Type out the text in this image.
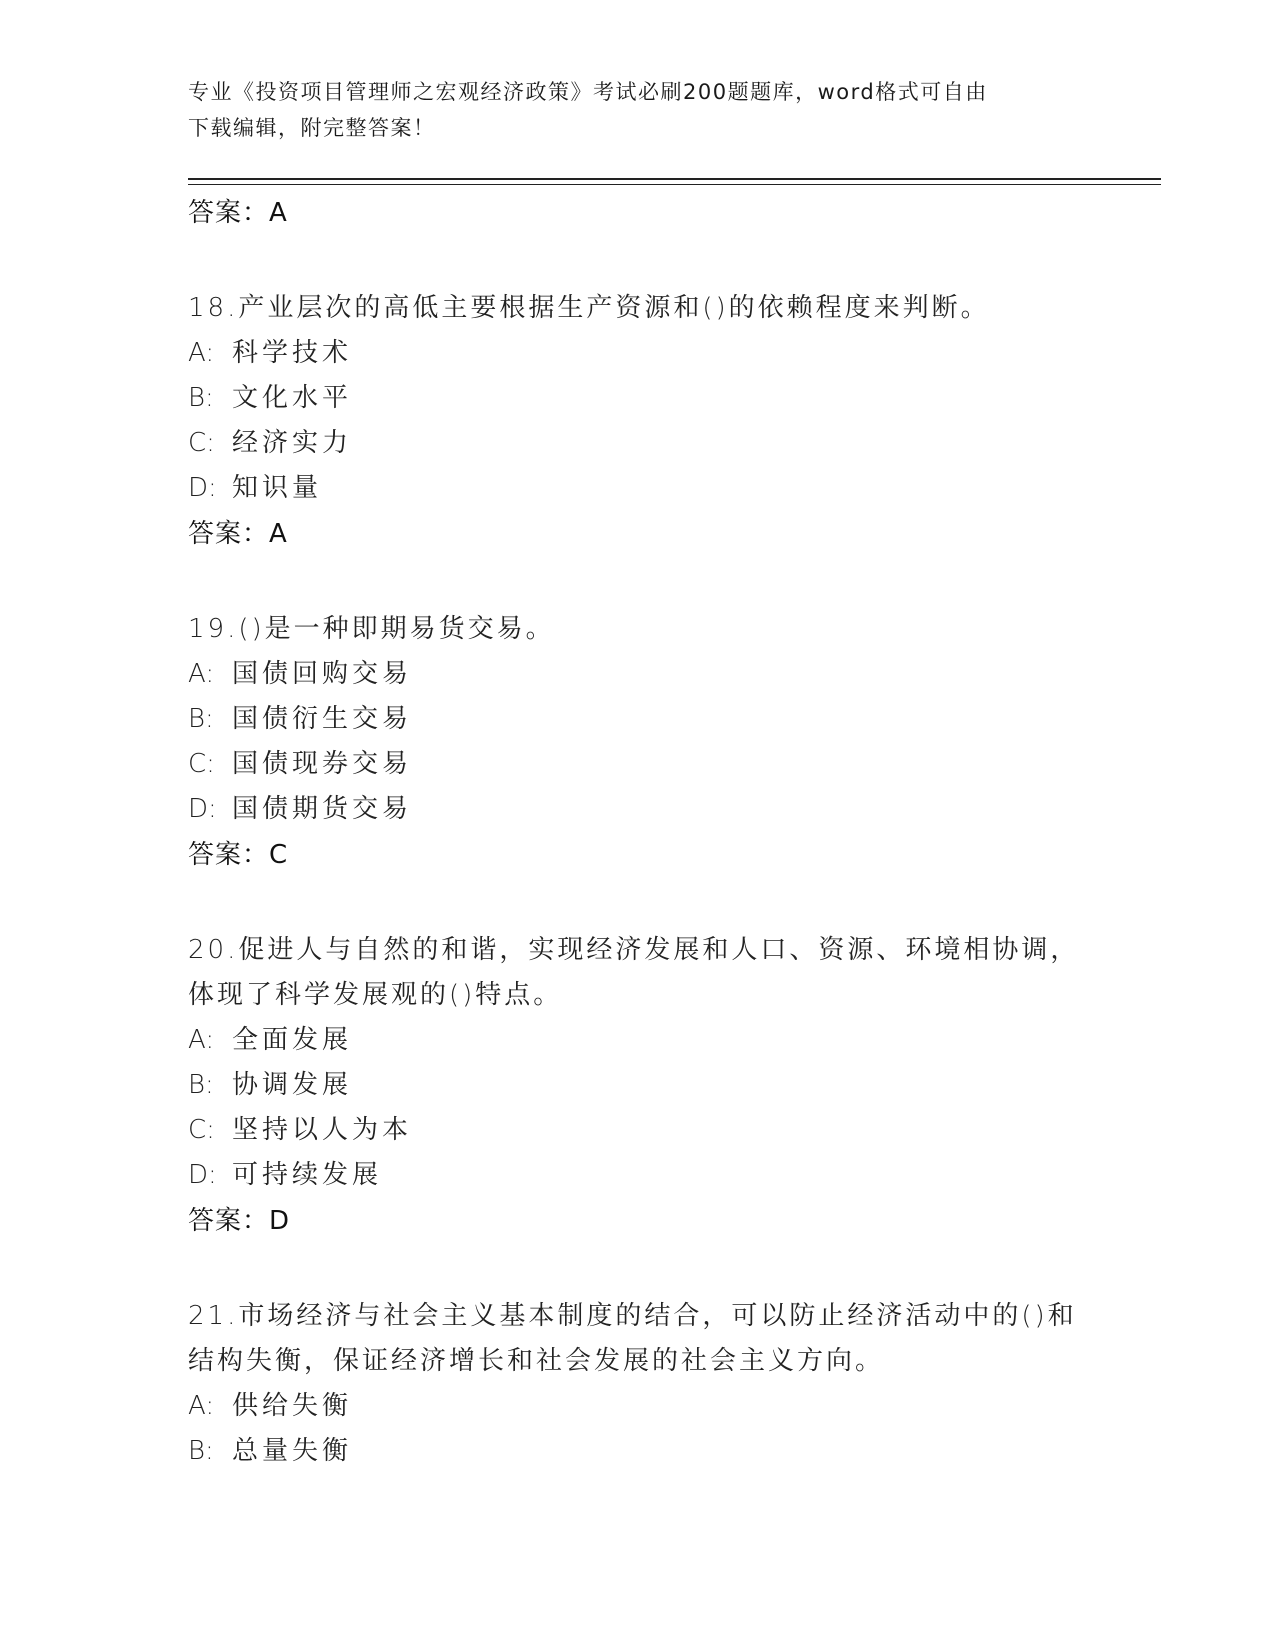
专业《投资项目管理师之宏观经济政策》考试必刷200题题库，word格式可自由
下载编辑，附完整答案！
答案：A
18.产业层次的高低主要根据生产资源和()的依赖程度来判断。
A: 科学技术
B: 文化水平
C: 经济实力
D: 知识量
答案：A
19.()是一种即期易货交易。
A: 国债回购交易
B: 国债衍生交易
C: 国债现券交易
D: 国债期货交易
答案：C
20.促进人与自然的和谐，实现经济发展和人口、资源、环境相协调，
体现了科学发展观的()特点。
A: 全面发展
B: 协调发展
C: 坚持以人为本
D: 可持续发展
答案：D
21.市场经济与社会主义基本制度的结合，可以防止经济活动中的()和
结构失衡，保证经济增长和社会发展的社会主义方向。
A: 供给失衡
B: 总量失衡
